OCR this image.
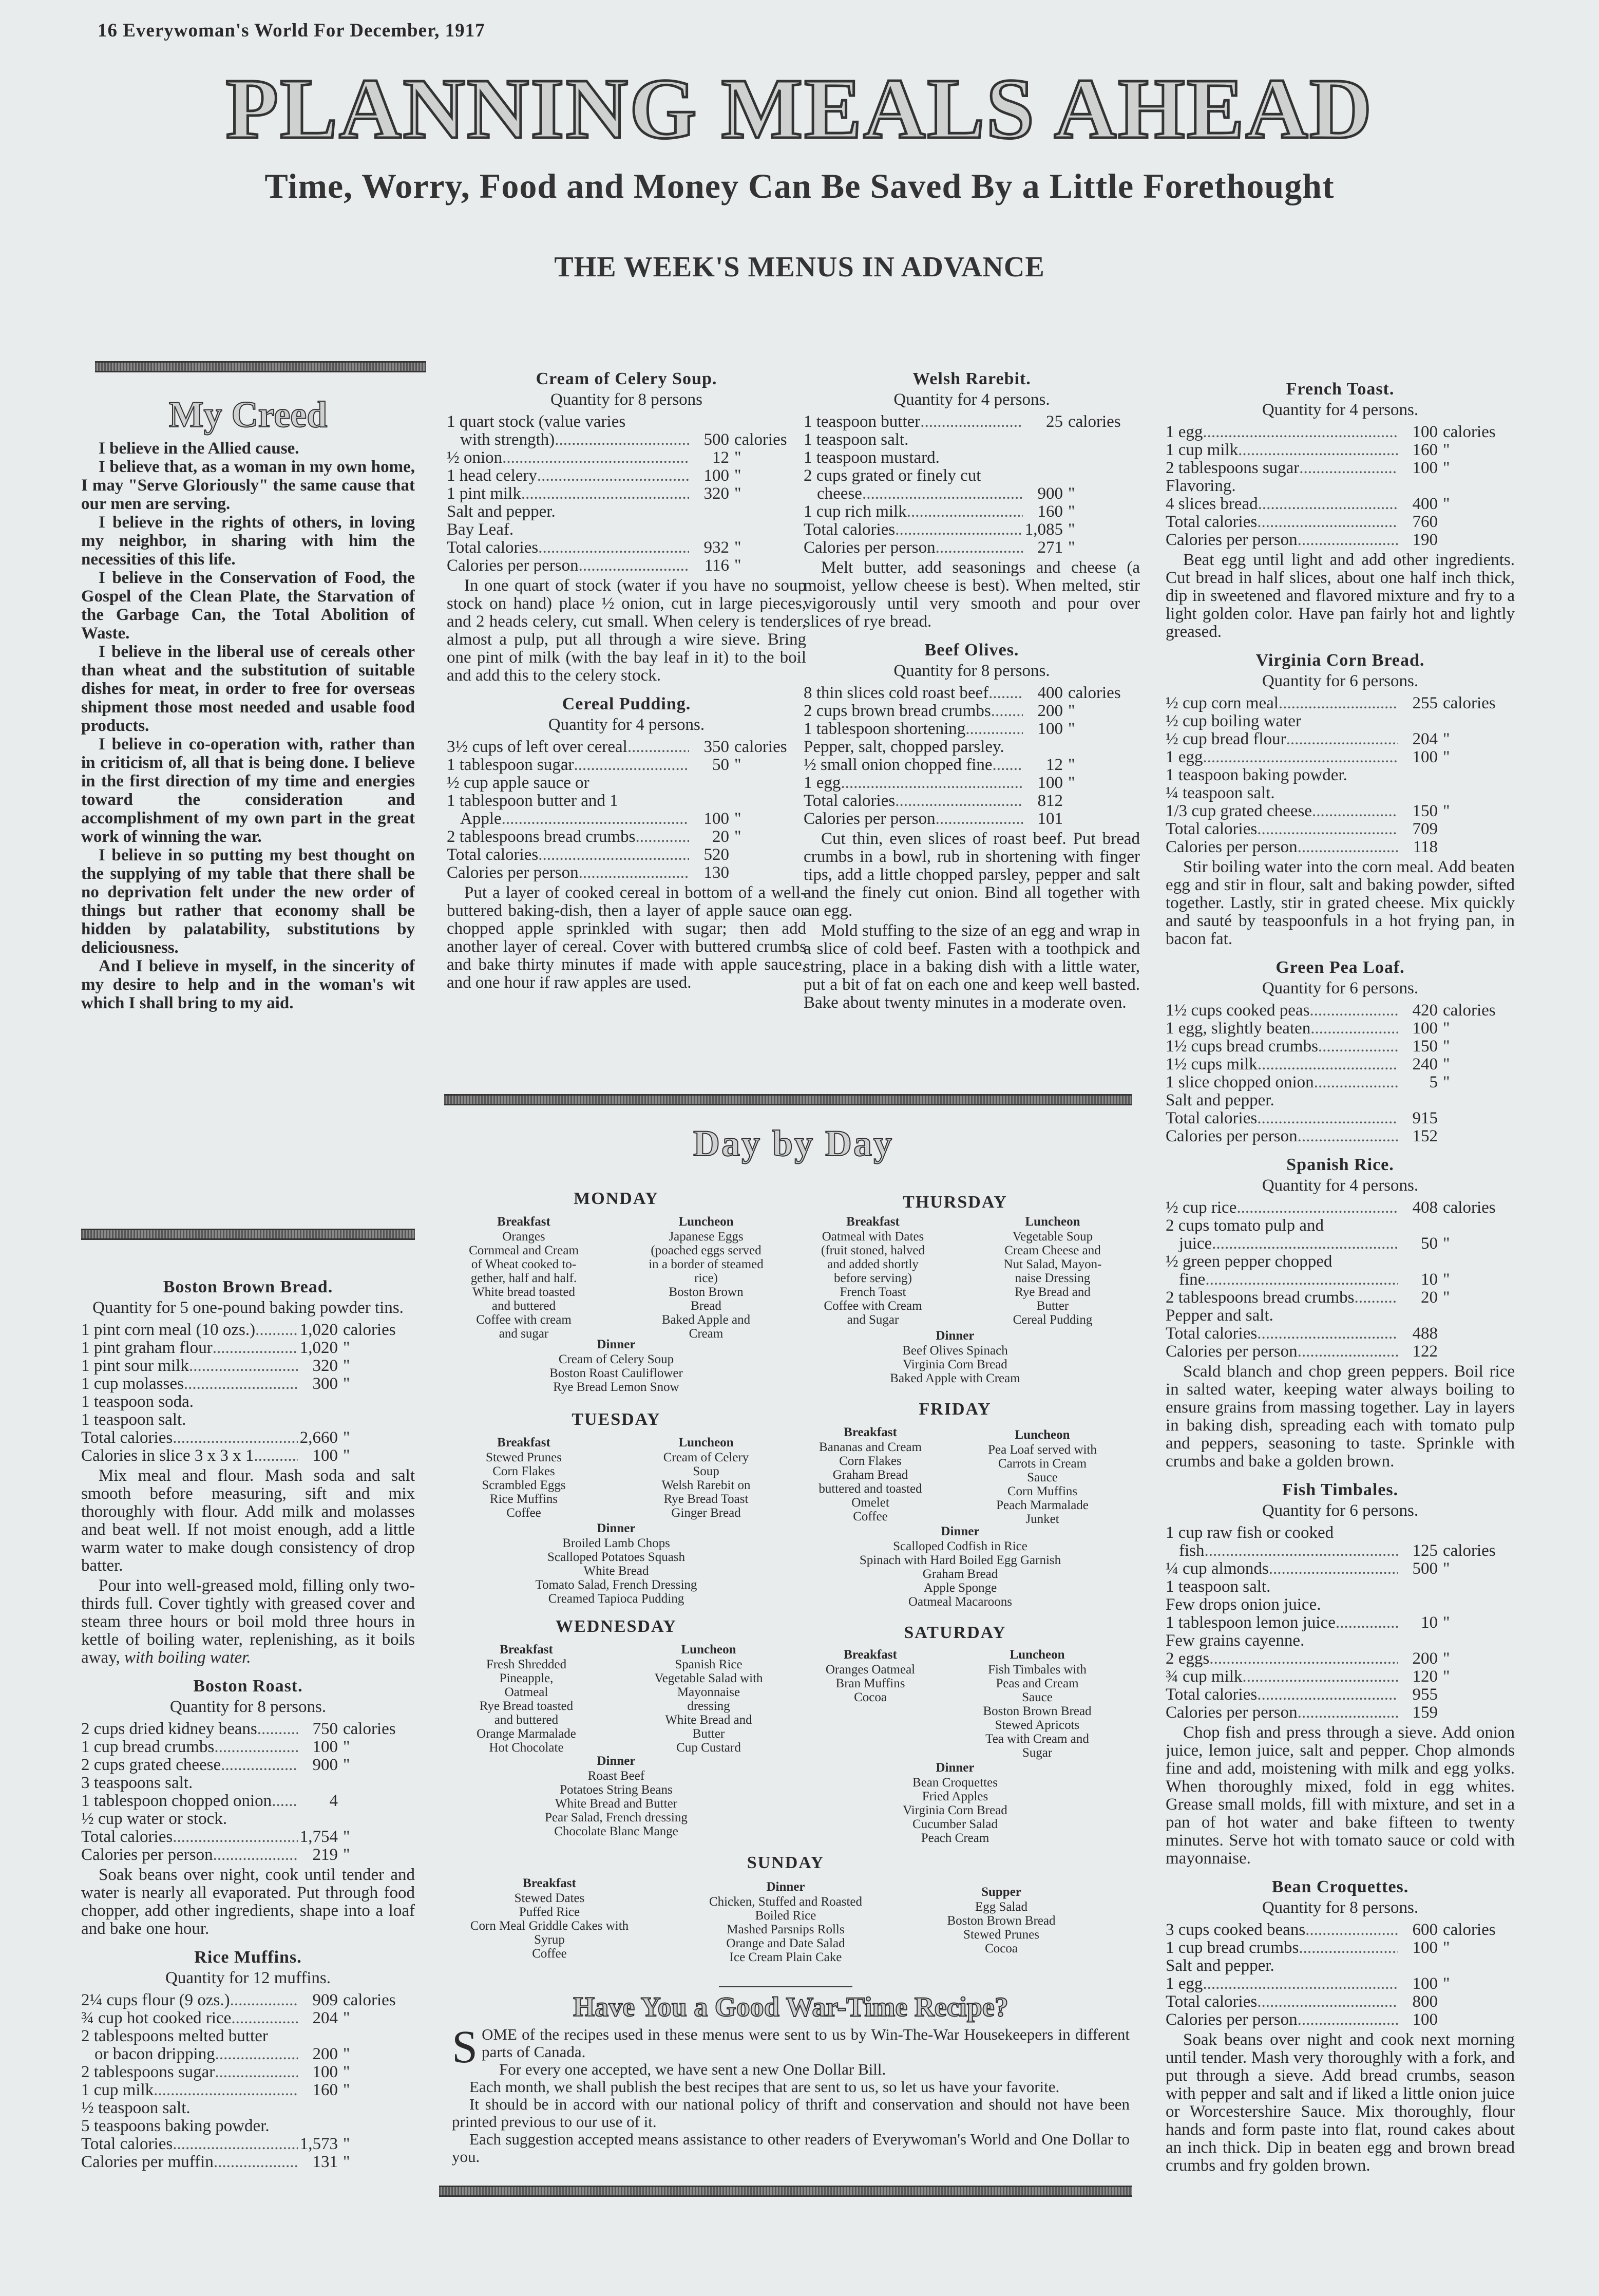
16 Everywoman's World For December, 1917
PLANNING MEALS AHEAD
Time, Worry, Food and Money Can Be Saved By a Little Forethought
THE WEEK'S MENUS IN ADVANCE
My Creed

I believe in the Allied cause.

I believe that, as a woman in my own home, I may "Serve Gloriously" the same cause that our men are serving.

I believe in the rights of others, in loving my neighbor, in sharing with him the necessities of this life.

I believe in the Conservation of Food, the Gospel of the Clean Plate, the Starvation of the Garbage Can, the Total Abolition of Waste.

I believe in the liberal use of cereals other than wheat and the substitution of suitable dishes for meat, in order to free for overseas shipment those most needed and usable food products.

I believe in co-operation with, rather than in criticism of, all that is being done. I believe in the first direction of my time and energies toward the consideration and accomplishment of my own part in the great work of winning the war.

I believe in so putting my best thought on the supplying of my table that there shall be no deprivation felt under the new order of things but rather that economy shall be hidden by palatability, substitutions by deliciousness.

And I believe in myself, in the sincerity of my desire to help and in the woman's wit which I shall bring to my aid.

Boston Brown Bread.
Quantity for 5 one-pound baking powder tins.
1 pint corn meal (10 ozs.) .....	1,020 calories
1 pint graham flour .....	1,020 "
1 pint sour milk .....	320 "
1 cup molasses .....	300 "
1 teaspoon soda.
1 teaspoon salt.
Total calories .....	2,660 "
Calories in slice 3 x 3 x 1 .....	100 "

Mix meal and flour. Mash soda and salt smooth before measuring, sift and mix thoroughly with flour. Add milk and molasses and beat well. If not moist enough, add a little warm water to make dough consistency of drop batter.

Pour into well-greased mold, filling only two-thirds full. Cover tightly with greased cover and steam three hours or boil mold three hours in kettle of boiling water, replenishing, as it boils away, with boiling water.

Boston Roast.
Quantity for 8 persons.
2 cups dried kidney beans .....	750 calories
1 cup bread crumbs .....	100 "
2 cups grated cheese .....	900 "
3 teaspoons salt.
1 tablespoon chopped onion .....	4
½ cup water or stock.
Total calories .....	1,754 "
Calories per person .....	219 "

Soak beans over night, cook until tender and water is nearly all evaporated. Put through food chopper, add other ingredients, shape into a loaf and bake one hour.

Rice Muffins.
Quantity for 12 muffins.
2¼ cups flour (9 ozs.) .....	909 calories
¾ cup hot cooked rice .....	204 "
2 tablespoons melted butter
or bacon dripping .....	200 "
2 tablespoons sugar .....	100 "
1 cup milk .....	160 "
½ teaspoon salt.
5 teaspoons baking powder.
Total calories .....	1,573 "
Calories per muffin .....	131 "
Cream of Celery Soup.
Quantity for 8 persons
1 quart stock (value varies
with strength) .....	500 calories
½ onion .....	12 "
1 head celery .....	100 "
1 pint milk .....	320 "
Salt and pepper.
Bay Leaf.
Total calories .....	932 "
Calories per person .....	116 "

In one quart of stock (water if you have no soup stock on hand) place ½ onion, cut in large pieces, and 2 heads celery, cut small. When celery is tender, almost a pulp, put all through a wire sieve. Bring one pint of milk (with the bay leaf in it) to the boil and add this to the celery stock.

Cereal Pudding.
Quantity for 4 persons.
3½ cups of left over cereal .....	350 calories
1 tablespoon sugar .....	50 "
½ cup apple sauce or
1 tablespoon butter and 1
Apple .....	100 "
2 tablespoons bread crumbs .....	20 "
Total calories .....	520
Calories per person .....	130

Put a layer of cooked cereal in bottom of a well-buttered baking-dish, then a layer of apple sauce or chopped apple sprinkled with sugar; then add another layer of cereal. Cover with buttered crumbs and bake thirty minutes if made with apple sauce, and one hour if raw apples are used.

Welsh Rarebit.
Quantity for 4 persons.
1 teaspoon butter .....	25 calories
1 teaspoon salt.
1 teaspoon mustard.
2 cups grated or finely cut
cheese .....	900 "
1 cup rich milk .....	160 "
Total calories .....	1,085 "
Calories per person .....	271 "

Melt butter, add seasonings and cheese (a moist, yellow cheese is best). When melted, stir vigorously until very smooth and pour over slices of rye bread.

Beef Olives.
Quantity for 8 persons.
8 thin slices cold roast beef .....	400 calories
2 cups brown bread crumbs .....	200 "
1 tablespoon shortening .....	100 "
Pepper, salt, chopped parsley.
½ small onion chopped fine .....	12 "
1 egg .....	100 "
Total calories .....	812
Calories per person .....	101

Cut thin, even slices of roast beef. Put bread crumbs in a bowl, rub in shortening with finger tips, add a little chopped parsley, pepper and salt and the finely cut onion. Bind all together with an egg.

Mold stuffing to the size of an egg and wrap in a slice of cold beef. Fasten with a toothpick and string, place in a baking dish with a little water, put a bit of fat on each one and keep well basted. Bake about twenty minutes in a moderate oven.

French Toast.
Quantity for 4 persons.
1 egg .....	100 calories
1 cup milk .....	160 "
2 tablespoons sugar .....	100 "
Flavoring.
4 slices bread .....	400 "
Total calories .....	760
Calories per person .....	190

Beat egg until light and add other ingredients. Cut bread in half slices, about one half inch thick, dip in sweetened and flavored mixture and fry to a light golden color. Have pan fairly hot and lightly greased.

Virginia Corn Bread.
Quantity for 6 persons.
½ cup corn meal .....	255 calories
½ cup boiling water
½ cup bread flour .....	204 "
1 egg .....	100 "
1 teaspoon baking powder.
¼ teaspoon salt.
1/3 cup grated cheese .....	150 "
Total calories .....	709
Calories per person .....	118

Stir boiling water into the corn meal. Add beaten egg and stir in flour, salt and baking powder, sifted together. Lastly, stir in grated cheese. Mix quickly and sauté by teaspoonfuls in a hot frying pan, in bacon fat.

Green Pea Loaf.
Quantity for 6 persons.
1½ cups cooked peas .....	420 calories
1 egg, slightly beaten .....	100 "
1½ cups bread crumbs .....	150 "
1½ cups milk .....	240 "
1 slice chopped onion .....	5 "
Salt and pepper.
Total calories .....	915
Calories per person .....	152
Spanish Rice.
Quantity for 4 persons.
½ cup rice .....	408 calories
2 cups tomato pulp and
juice .....	50 "
½ green pepper chopped
fine .....	10 "
2 tablespoons bread crumbs .....	20 "
Pepper and salt.
Total calories .....	488
Calories per person .....	122

Scald blanch and chop green peppers. Boil rice in salted water, keeping water always boiling to ensure grains from massing together. Lay in layers in baking dish, spreading each with tomato pulp and peppers, seasoning to taste. Sprinkle with crumbs and bake a golden brown.

Fish Timbales.
Quantity for 6 persons.
1 cup raw fish or cooked
fish .....	125 calories
¼ cup almonds .....	500 "
1 teaspoon salt.
Few drops onion juice.
1 tablespoon lemon juice .....	10 "
Few grains cayenne.
2 eggs .....	200 "
¾ cup milk .....	120 "
Total calories .....	955
Calories per person .....	159

Chop fish and press through a sieve. Add onion juice, lemon juice, salt and pepper. Chop almonds fine and add, moistening with milk and egg yolks. When thoroughly mixed, fold in egg whites. Grease small molds, fill with mixture, and set in a pan of hot water and bake fifteen to twenty minutes. Serve hot with tomato sauce or cold with mayonnaise.

Bean Croquettes.
Quantity for 8 persons.
3 cups cooked beans .....	600 calories
1 cup bread crumbs .....	100 "
Salt and pepper.
1 egg .....	100 "
Total calories .....	800
Calories per person .....	100

Soak beans over night and cook next morning until tender. Mash very thoroughly with a fork, and put through a sieve. Add bread crumbs, season with pepper and salt and if liked a little onion juice or Worcestershire Sauce. Mix thoroughly, flour hands and form paste into flat, round cakes about an inch thick. Dip in beaten egg and brown bread crumbs and fry golden brown.

Day by Day
MONDAY
Breakfast
Oranges
Cornmeal and Cream
of Wheat cooked to-
gether, half and half.
White bread toasted
and buttered
Coffee with cream
and sugar
Luncheon
Japanese Eggs
(poached eggs served
in a border of steamed
rice)
Boston Brown
Bread
Baked Apple and
Cream
Dinner
Cream of Celery Soup
Boston Roast Cauliflower
Rye Bread Lemon Snow
TUESDAY
Breakfast
Stewed Prunes
Corn Flakes
Scrambled Eggs
Rice Muffins
Coffee
Luncheon
Cream of Celery
Soup
Welsh Rarebit on
Rye Bread Toast
Ginger Bread
Dinner
Broiled Lamb Chops
Scalloped Potatoes Squash
White Bread
Tomato Salad, French Dressing
Creamed Tapioca Pudding
WEDNESDAY
Breakfast
Fresh Shredded
Pineapple,
Oatmeal
Rye Bread toasted
and buttered
Orange Marmalade
Hot Chocolate
Luncheon
Spanish Rice
Vegetable Salad with
Mayonnaise
dressing
White Bread and
Butter
Cup Custard
Dinner
Roast Beef
Potatoes String Beans
White Bread and Butter
Pear Salad, French dressing
Chocolate Blanc Mange
THURSDAY
Breakfast
Oatmeal with Dates
(fruit stoned, halved
and added shortly
before serving)
French Toast
Coffee with Cream
and Sugar
Luncheon
Vegetable Soup
Cream Cheese and
Nut Salad, Mayon-
naise Dressing
Rye Bread and
Butter
Cereal Pudding
Dinner
Beef Olives Spinach
Virginia Corn Bread
Baked Apple with Cream
FRIDAY
Breakfast
Bananas and Cream
Corn Flakes
Graham Bread
buttered and toasted
Omelet
Coffee
Luncheon
Pea Loaf served with
Carrots in Cream
Sauce
Corn Muffins
Peach Marmalade
Junket
Dinner
Scalloped Codfish in Rice
Spinach with Hard Boiled Egg Garnish
Graham Bread
Apple Sponge
Oatmeal Macaroons
SATURDAY
Breakfast
Oranges Oatmeal
Bran Muffins
Cocoa
Luncheon
Fish Timbales with
Peas and Cream
Sauce
Boston Brown Bread
Stewed Apricots
Tea with Cream and
Sugar
Dinner
Bean Croquettes
Fried Apples
Virginia Corn Bread
Cucumber Salad
Peach Cream
SUNDAY
Breakfast
Stewed Dates
Puffed Rice
Corn Meal Griddle Cakes with
Syrup
Coffee
Dinner
Chicken, Stuffed and Roasted
Boiled Rice
Mashed Parsnips Rolls
Orange and Date Salad
Ice Cream Plain Cake
Supper
Egg Salad
Boston Brown Bread
Stewed Prunes
Cocoa
Have You a Good War-Time Recipe?

SOME of the recipes used in these menus were sent to us by Win-The-War Housekeepers in different parts of Canada.

For every one accepted, we have sent a new One Dollar Bill.

Each month, we shall publish the best recipes that are sent to us, so let us have your favorite.

It should be in accord with our national policy of thrift and conservation and should not have been printed previous to our use of it.

Each suggestion accepted means assistance to other readers of Everywoman's World and One Dollar to you.
